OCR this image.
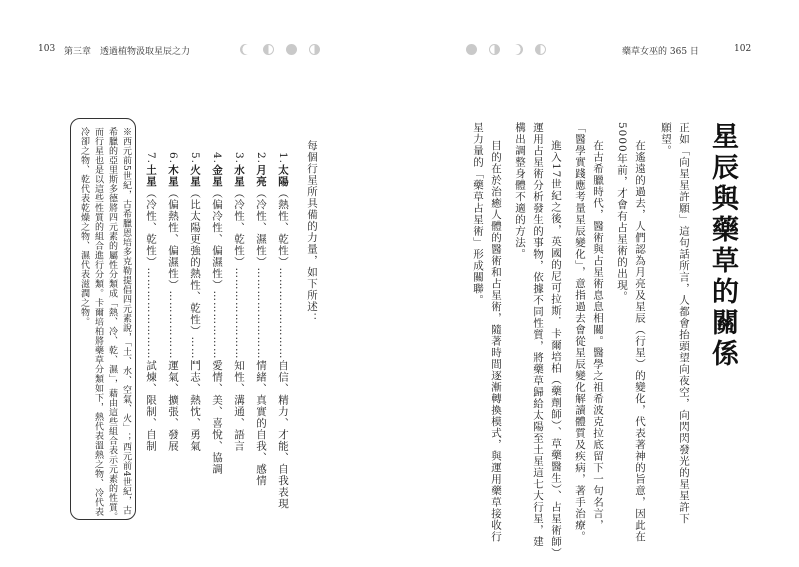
103 第三章　透過植物汲取星辰之力	藥草女巫的 365 日	102
星辰與藥草的關係
正如「向星星許願」這句話所言，人都會抬頭望向夜空，向閃閃發光的星星許下
願望。
在遙遠的過去，人們認為月亮及星辰（行星）的變化，代表著神的旨意，因此在
5000年前，才會有占星術的出現。
在古希臘時代，醫術與占星術息息相關。醫學之祖希波克拉底留下一句名言，
「醫學實踐應考量星辰變化」，意指過去會從星辰變化解讀體質及疾病，著手治療。
進入17世紀之後，英國的尼可拉斯．卡爾培柏（藥劑師）、草藥醫生）、占星術師）
運用占星術分析發生的事物，依據不同性質，將藥草歸給太陽至土星這七大行星，建
構出調整身體不適的方法。
目的在於治癒人體的醫術和占星術，隨著時間逐漸轉換模式，與運用藥草接收行
星力量的「藥草占星術」形成關聯。
每個行星所具備的力量，如下所述：
1.太陽（熱性、乾性）……………………自信、精力、才能、自我表現
2.月亮（冷性、濕性）……………………情緒、真實的自我、感情
3.水星（冷性、乾性）……………………知性、溝通、語言
4.金星（偏冷性、偏濕性）………………愛情、美、喜悅、協調
5.火星（比太陽更強的熱性、乾性）……鬥志、熱忱、勇氣
6.木星（偏熱性、偏濕性）………………運氣、擴張、發展
7.土星（冷性、乾性）……………………試煉、限制、自制
※西元前5世紀，古希臘恩培多克勒提倡四元素說，「土、水、空氣、火」；西元前4世紀，古
希臘的亞里斯多德將四元素的屬性分類成「熱、冷、乾、濕」，藉由這些組合表示元素的性質。
而行星也是以這些性質的組合進行分類。卡爾培柏將藥草分類如下，熱代表溫熱之物、冷代表
冷卻之物、乾代表乾燥之物、濕代表滋潤之物。
